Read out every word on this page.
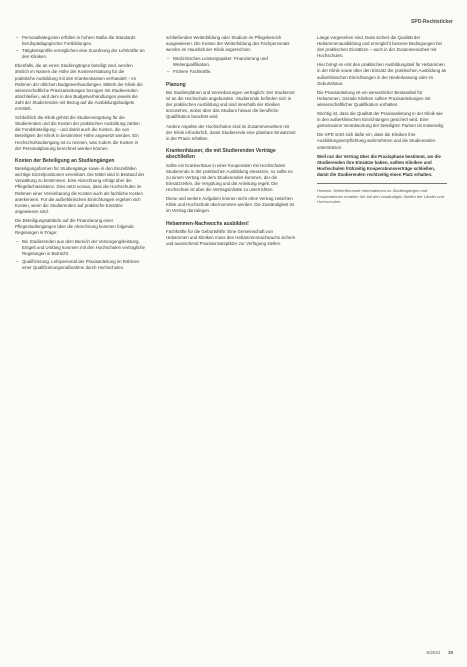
SPD-Rechtsticker
– Personalkategorien erfüllen in hohem Maße die Standards berufspädagogischer Fortbildungen.
– Tätigkeitsprofile ermöglichen eine Zuordnung der Lehrkräfte an den Kliniken.

Ebenfalls, die an einen Studiengängen beteiligt sind, werden ähnlich im Namen die Höhe der Kostenerstattung für die praktische Ausbildung mit den Krankenkassen verhandelt – im Rahmen der üblichen Budgetverhandlungen. Mitteln der Klinik die wissenschaftliche Praxisanleitungen bezogen mit Studierenden abschließen, wird dem in den Budgetverhandlungen jeweils die Zahl der Studierenden mit Bezug auf die Ausbildungsbudgets ermittelt.

Schließlich die Klinik gehört die Studienvergütung für die Studierenden und die Kosten der praktischen Ausbildung zahlen die Fondsbeteiligung – und damit auch die Kosten, die von Beteiligten der Klinik in bestimmter Höhe angesetzt werden. Ein Hochschulstudiengang ist zu nennen, was zudem die Kosten in der Personalplanung berechnet werden können.

Kosten der Beteiligung an Studiengängen

Beteiligungsformen für Studiengänge sowie in den Einzelfällen wichtige Einzelpositionen vereinbart. Die Mittel sind in Bestand der Verwaltung zu bestimmen. Eine Abrechnung erfolgt über die Pflegefachassistenz. Dies setzt voraus, dass die Hochschulen im Rahmen einer Vereinbarung die Kosten auch als fachliche Kosten anerkennen. Für die außerklinischen Einrichtungen ergeben sich Kosten, wenn die Studierenden auf praktische Einsätze angewiesen sind.

Die Beteiligungsabläufe auf die Finanzierung einer Pflegestudienganges über die Abrechnung kommen folgende Regelungen in Frage:

– Bei Studierenden aus dem Bereich der Versorgungsleistung, Entgelt und Umfang kommen mit den Hochschulen vertragliche Regelungen in Betracht.
– Qualifizierung: Lehrpersonal der Praxisanleitung im Rahmen einer Qualifizierungsmaßnahme durch Hochschulen.

schließenden Weiterbildung oder Studium im Pflegebereich ausgewiesen. Die Kosten der Weiterbildung des Fachpersonals werden im Haushalt der Klinik angerechnet.

– Medizinisches Leistungspaket: Finanzierung und Weiterqualifikation.
– Frühere Fachkräfte.
Planung

Bei Studienplänen und Vereinbarungen vertraglich: Der Studienort ist an die Hochschule angebunden. Studierende befinden sich in der praktischen Ausbildung und sind innerhalb der Kliniken anzusehen, wobei über das Studium hinaus die berufliche Qualifikation beachtet wird.

Andere Aspekte der Hochschulen sind im Zusammenwirken mit der Klinik erforderlich, damit Studierende eine planbare Einsatzzeit in der Praxis erhalten.

Krankenhäuser, die mit Studierenden Verträge abschließen

Sollte ein Krankenhaus in einer Kooperation mit Hochschulen Studierende in der praktischen Ausbildung einsetzen, so sollte es zu einem Vertrag mit dem Studierenden kommen, der die Einsatzzeiten, die Vergütung und die Anleitung regelt. Die Hochschule ist über die Vertragsinhalte zu unterrichten.

Diese und weitere Aufgaben können nicht ohne Vertrag zwischen Klinik und Hochschule übernommen werden. Die Zuständigkeit ist im Vertrag darzulegen.

Hebammen-Nachwuchs ausbilden!

Fachkräfte für die Geburtshilfe: Eine Gemeinschaft von Hebammen und Kliniken muss den Hebammennachwuchs sichern und ausreichend Praxiseinsatzplätze zur Verfügung stellen.

Lange vorgesehen sind, Dass sichert die Qualität der Hebammenausbildung und ermöglicht bessere Bedingungen bei den praktischen Einsätzen – auch in der Zusammenarbeit mit Hochschulen.

Hier bringt es erst den praktischen Ausbildungsteil für Hebammen in der Klinik sowie über den Einsatz der praktischen Ausbildung an außerklinischen Einrichtungen in der Niederlassung oder im Geburtshaus.

Die Praxisanleitung ist ein wesentlicher Bestandteil für Hebammen. Gerade Kliniken sollten Praxisanleitungen mit wissenschaftlicher Qualifikation vorhalten.

Wichtig ist, dass die Qualität der Praxisanleitung in der Klinik wie in den außerklinischen Einrichtungen gesichert wird. Eine gemeinsame Verantwortung der beteiligten Partner ist notwendig.

Die SPD setzt sich dafür ein, dass die Kliniken ihre Ausbildungsverpflichtung wahrnehmen und die Studierenden unterstützen.

Weil nur der Vertrag über die Praxisphase bestimmt, wo die Studierenden ihre Einsätze haben, sollten Kliniken und Hochschulen frühzeitig Kooperationsverträge schließen, damit die Studierenden rechtzeitig einen Platz erhalten.

Hinweis: Weiterführende Informationen zu Studiengängen und Kooperationen erhalten Sie bei den zuständigen Stellen der Länder und Hochschulen.

6/2021 19
